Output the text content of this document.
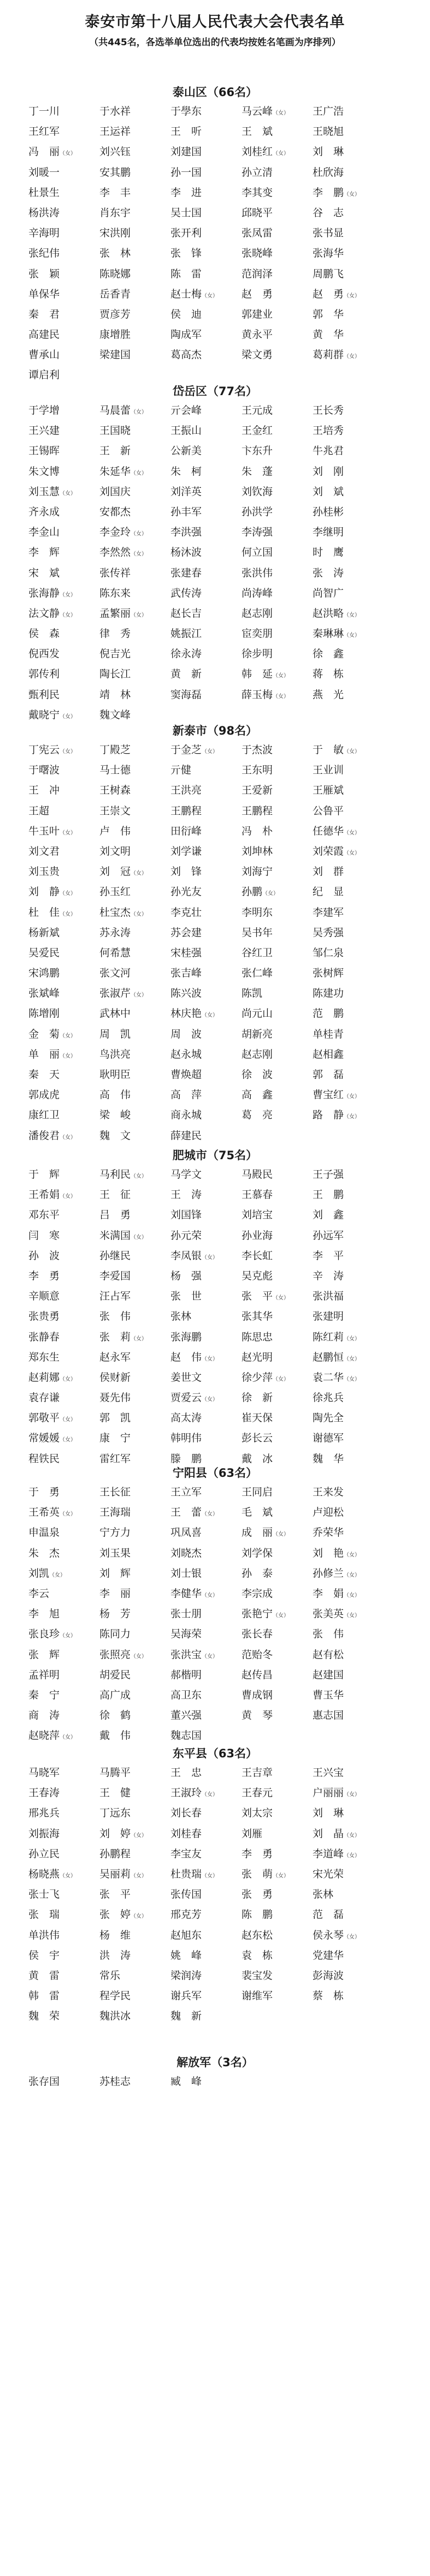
泰安市第十八届人民代表大会代表名单
（共445名，各选举单位选出的代表均按姓名笔画为序排列）
泰山区（66名）
丁一川	于水祥	于學东	马云峰（女）	王广浩
王红军	王运祥	王　听	王　斌	王晓旭
冯　丽（女）	刘兴钰	刘建国	刘桂红（女）	刘　琳
刘暖一	安其鹏	孙一国	孙立清	杜欣海
杜景生	李　丰	李　进	李其变	李　鹏（女）
杨洪涛	肖东宇	吴士国	邱晓平	谷　志
辛海明	宋洪刚	张开利	张凤雷	张书显
张纪伟	张　林	张　锋	张晓峰	张海华
张　颖	陈晓娜	陈　雷	范润泽	周鹏飞
单保华	岳香青	赵士梅（女）	赵　勇	赵　勇（女）
秦　君	贾彦芳	侯　迪	郭建业	郭　华
高建民	康增胜	陶成军	黄永平	黄　华
曹承山	梁建国	葛高杰	梁文勇	葛莉群（女）
谭启利
岱岳区（77名）
于学增	马晨蕾（女）	亓会峰	王元成	王长秀
王兴建	王国晓	王振山	王金红	王培秀
王锡晖	王　新	公新美	卞东升	牛兆君
朱文博	朱延华（女）	朱　柯	朱　蓬	刘　刚
刘玉慧（女）	刘国庆	刘洋英	刘钦海	刘　斌
齐永成	安都杰	孙丰军	孙洪学	孙桂彬
李金山	李金玲（女）	李洪强	李涛强	李继明
李　辉	李然然（女）	杨沐波	何立国	时　鹰
宋　斌	张传祥	张建春	张洪伟	张　涛
张海静（女）	陈东来	武传涛	尚涛峰	尚智广
法文静（女）	孟繁丽（女）	赵长吉	赵志刚	赵洪略（女）
侯　森	律　秀	姚振江	宦奕朋	秦琳琳（女）
倪西发	倪吉光	徐永涛	徐步明	徐　鑫
郭传利	陶长江	黄　新	韩　延（女）	蒋　栋
甄利民	靖　林	窦海磊	薛玉梅（女）	燕　光
戴晓宁（女）	魏文峰
新泰市（98名）
丁宪云（女）	丁殿芝	于金芝（女）	于杰波	于　敏（女）
于曙波	马士德	亓健	王东明	王业训
王　冲	王树森	王洪亮	王爱新	王雁斌
王超	王崇文	王鹏程	王鹏程	公鲁平
牛玉叶（女）	卢　伟	田衍峰	冯　朴	任德华（女）
刘文君	刘文明	刘学谦	刘坤林	刘荣霞（女）
刘玉贵	刘　冠（女）	刘　锋	刘海宁	刘　群
刘　静（女）	孙玉红	孙光友	孙鹏（女）	纪　显
杜　佳（女）	杜宝杰（女）	李克壮	李明东	李建军
杨新斌	苏永涛	苏会建	吴书年	吴秀强
吴爱民	何希慧	宋桂强	谷红卫	邹仁泉
宋鸿鹏	张文河	张吉峰	张仁峰	张树辉
张斌峰	张淑芹（女）	陈兴波	陈凯	陈建功
陈增刚	武林中	林庆艳（女）	尚元山	范　鹏
金　菊（女）	周　凯	周　波	胡新亮	单桂青
单　丽（女）	鸟洪亮	赵永城	赵志刚	赵相鑫
秦　天	耿明臣	曹焕超	徐　波	郭　磊
郭成虎	高　伟	高　萍	高　鑫	曹宝红（女）
康红卫	梁　峻	商永城	葛　亮	路　静（女）
潘俊君（女）	魏　文	薛建民
肥城市（75名）
于　辉	马利民（女）	马学文	马殿民	王子强
王希娟（女）	王　征	王　涛	王慕春	王　鹏
邓东平	吕　勇	刘国锋	刘培宝	刘　鑫
闫　寒	米满国（女）	孙元荣	孙业海	孙远军
孙　波	孙继民	李凤银（女）	李长虹	李　平
李　勇	李爱国	杨　强	吴克彪	辛　涛
辛顺意	汪占军	张　世	张　平（女）	张洪福
张贵勇	张　伟	张林	张其华	张建明
张静春	张　莉（女）	张海鹏	陈思忠	陈红莉（女）
郑东生	赵永军	赵　伟（女）	赵光明	赵鹏恒（女）
赵莉娜（女）	侯财新	姜世文	徐少萍（女）	袁二华（女）
袁存谦	聂先伟	贾爱云（女）	徐　新	徐兆兵
郭敬平（女）	郭　凯	高太涛	崔天保	陶先全
常媛媛（女）	康　宁	韩明伟	彭长云	谢德军
程铁民	雷红军	滕　鹏	戴　冰	魏　华
宁阳县（63名）
于　勇	王长征	王立军	王同启	王来发
王希英（女）	王海瑞	王　蕾（女）	毛　斌	卢迎松
申温泉	宁方力	巩凤喜	成　丽（女）	乔荣华
朱　杰	刘玉果	刘晓杰	刘学保	刘　艳（女）
刘凯（女）	刘　辉	刘士银	孙　泰	孙修兰（女）
李云　	李　丽	李健华（女）	李宗成	李　娟（女）
李　旭	杨　芳	张士朋	张艳宁（女）	张美英（女）
张良珍（女）	陈同力	吴海荣	张长春	张　伟
张　辉	张照亮（女）	张洪宝（女）	范贻冬	赵有松
孟祥明	胡爱民	郝楷明	赵传昌	赵建国
秦　宁	高广成	高卫东	曹成钢	曹玉华
商　涛	徐　鹤	董兴强	黄　琴	惠志国
赵晓萍（女）	戴　伟	魏志国
东平县（63名）
马晓军	马腾平	王　忠	王吉章	王兴宝
王春涛	王　健	王淑玲（女）	王春元	户丽丽（女）
邢兆兵	丁远东	刘长春	刘太宗	刘　琳
刘振海	刘　婷（女）	刘桂春	刘雁	刘　晶（女）
孙立民	孙鹏程	李宝友	李　勇	李道峰（女）
杨晓燕（女）	吴丽莉（女）	杜贵瑞（女）	张　萌（女）	宋光荣
张士飞	张　平	张传国	张　勇	张林
张　瑞	张　婷（女）	邢克芳	陈　鹏	范　磊
单洪伟	杨　维	赵旭东	赵东松	侯永琴（女）
侯　宇	洪　涛	姚　峰	袁　栋	党建华
黄　雷	常乐	梁润涛	裴宝发	彭海波
韩　雷	程学民	谢兵军	谢维军	蔡　栋
魏　荣	魏洪冰	魏　新
解放军（3名）
张存国	苏桂志	臧　峰
